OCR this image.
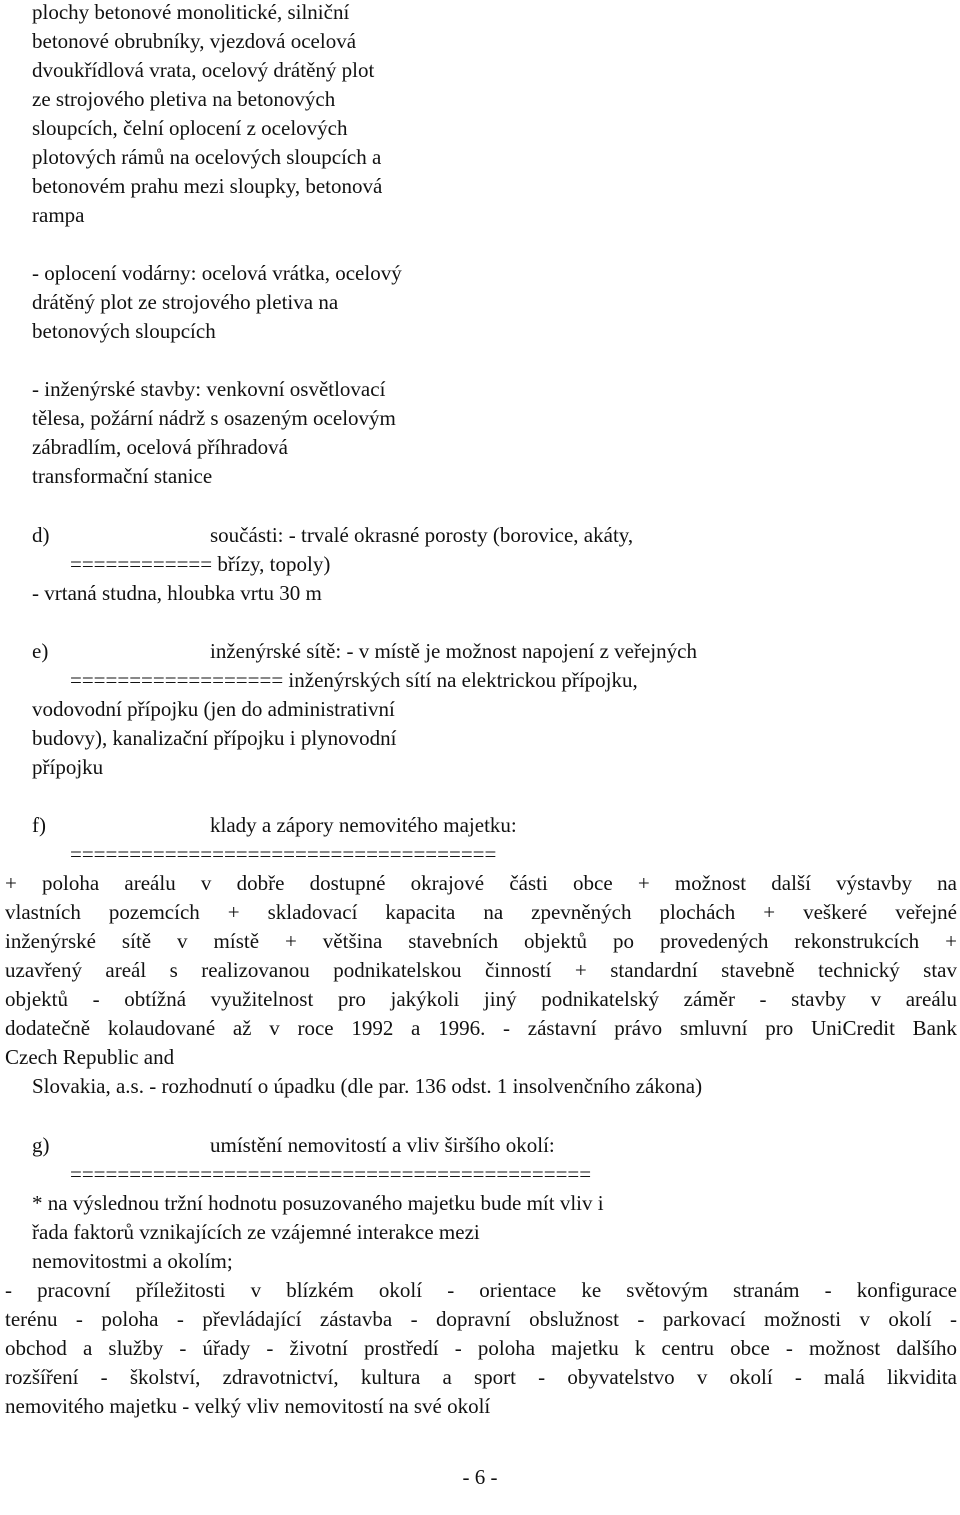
plochy betonové monolitické, silniční
betonové obrubníky, vjezdová ocelová
dvoukřídlová vrata, ocelový drátěný plot
ze strojového pletiva na betonových
sloupcích, čelní oplocení z ocelových
plotových rámů na ocelových sloupcích a
betonovém prahu mezi sloupky, betonová
rampa
- oplocení vodárny: ocelová vrátka, ocelový
drátěný plot ze strojového pletiva na
betonových sloupcích
- inženýrské stavby: venkovní osvětlovací
tělesa, požární nádrž s osazeným ocelovým
zábradlím, ocelová příhradová
transformační stanice
d)	součásti: - trvalé okrasné porosty (borovice, akáty,
============ břízy, topoly)
- vrtaná studna, hloubka vrtu 30 m
e)	inženýrské sítě: - v místě je možnost napojení z veřejných
================== inženýrských sítí na elektrickou přípojku,
vodovodní přípojku (jen do administrativní
budovy), kanalizační přípojku i plynovodní
přípojku
f)	klady a zápory nemovitého majetku:
====================================
+ poloha areálu v dobře dostupné okrajové části obce + možnost další výstavby na
vlastních pozemcích + skladovací kapacita na zpevněných plochách + veškeré veřejné
inženýrské sítě v místě + většina stavebních objektů po provedených rekonstrukcích +
uzavřený areál s realizovanou podnikatelskou činností + standardní stavebně technický stav
objektů - obtížná využitelnost pro jakýkoli jiný podnikatelský záměr - stavby v areálu
dodatečně kolaudované až v roce 1992 a 1996. - zástavní právo smluvní pro UniCredit Bank
Czech Republic and
Slovakia, a.s. - rozhodnutí o úpadku (dle par. 136 odst. 1 insolvenčního zákona)
g)	umístění nemovitostí a vliv širšího okolí:
============================================
* na výslednou tržní hodnotu posuzovaného majetku bude mít vliv i
řada faktorů vznikajících ze vzájemné interakce mezi
nemovitostmi a okolím;
- pracovní příležitosti v blízkém okolí - orientace ke světovým stranám - konfigurace
terénu - poloha - převládající zástavba - dopravní obslužnost - parkovací možnosti v okolí -
obchod a služby - úřady - životní prostředí - poloha majetku k centru obce - možnost dalšího
rozšíření - školství, zdravotnictví, kultura a sport - obyvatelstvo v okolí - malá likvidita
nemovitého majetku - velký vliv nemovitostí na své okolí
- 6 -
